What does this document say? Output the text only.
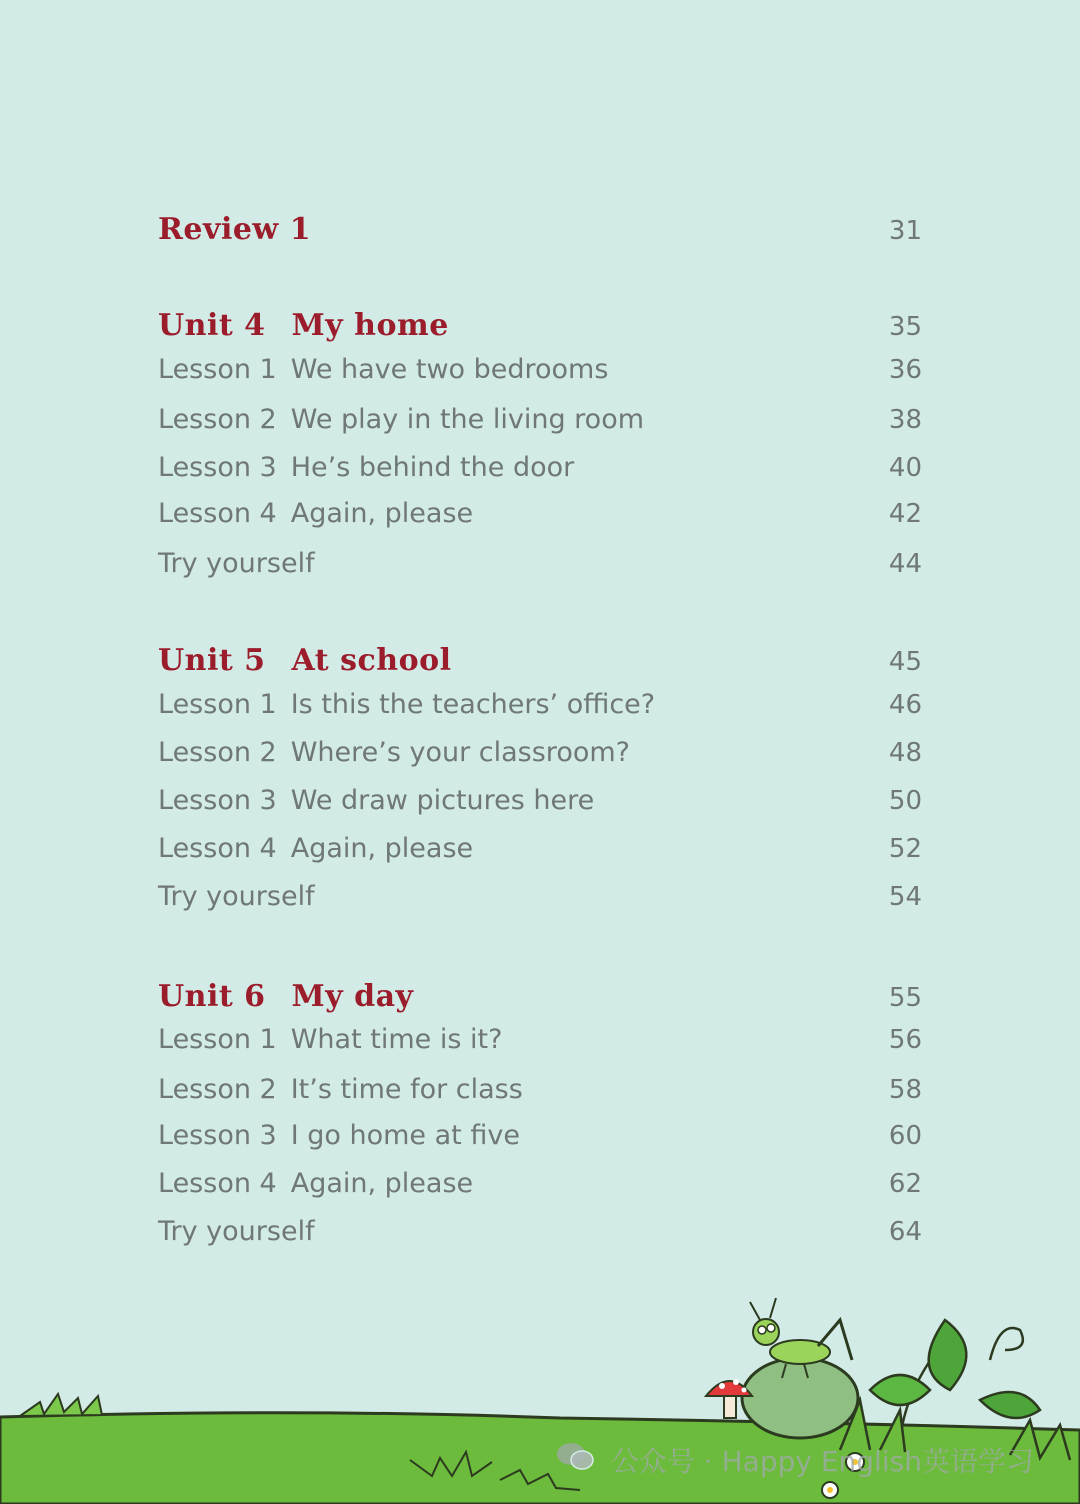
Review 1	31
Unit 4 My home	35
Lesson 1 We have two bedrooms	36
Lesson 2 We play in the living room	38
Lesson 3 He’s behind the door	40
Lesson 4 Again, please	42
Try yourself	44
Unit 5 At school	45
Lesson 1 Is this the teachers’ office?	46
Lesson 2 Where’s your classroom?	48
Lesson 3 We draw pictures here	50
Lesson 4 Again, please	52
Try yourself	54
Unit 6 My day	55
Lesson 1 What time is it?	56
Lesson 2 It’s time for class	58
Lesson 3 I go home at five	60
Lesson 4 Again, please	62
Try yourself	64
公众号 · Happy English英语学习
